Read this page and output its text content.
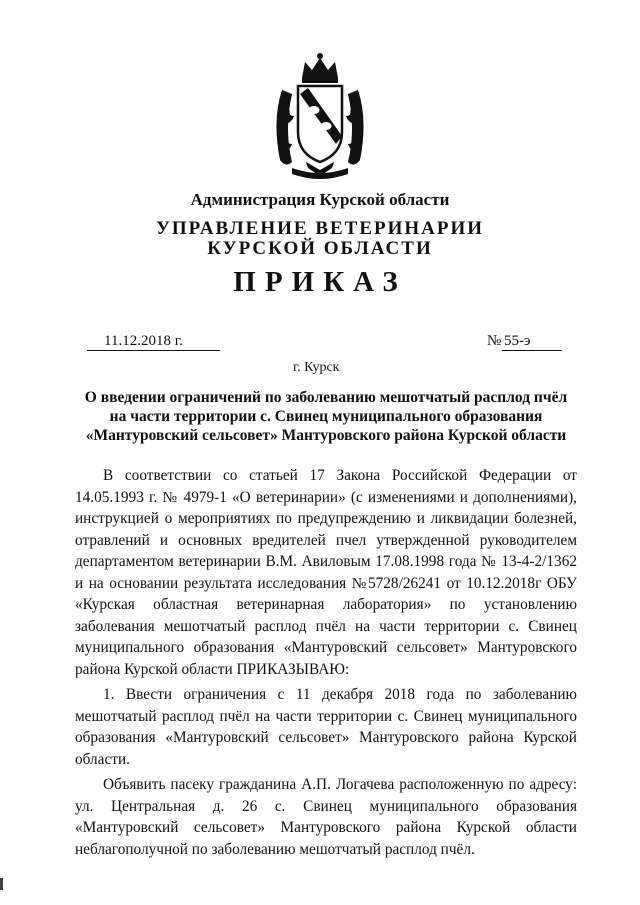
Администрация Курской области
УПРАВЛЕНИЕ ВЕТЕРИНАРИИ
КУРСКОЙ ОБЛАСТИ
ПРИКАЗ
11.12.2018 г.	№ 55-э
г. Курск
О введении ограничений по заболеванию мешотчатый расплод пчёл на части территории с. Свинец муниципального образования «Мантуровский сельсовет» Мантуровского района Курской области

В соответствии со статьей 17 Закона Российской Федерации от 14.05.1993 г. № 4979-1 «О ветеринарии» (с изменениями и дополнениями), инструкцией о мероприятиях по предупреждению и ликвидации болезней, отравлений и основных вредителей пчел утвержденной руководителем департаментом ветеринарии В.М. Авиловым 17.08.1998 года № 13-4-2/1362 и на основании результата исследования №5728/26241 от 10.12.2018г ОБУ «Курская областная ветеринарная лаборатория» по установлению заболевания мешотчатый расплод пчёл на части территории с. Свинец муниципального образования «Мантуровский сельсовет» Мантуровского района Курской области ПРИКАЗЫВАЮ:

1. Ввести ограничения с 11 декабря 2018 года по заболеванию мешотчатый расплод пчёл на части территории с. Свинец муниципального образования «Мантуровский сельсовет» Мантуровского района Курской области.

Объявить пасеку гражданина А.П. Логачева расположенную по адресу: ул. Центральная д. 26 с. Свинец муниципального образования «Мантуровский сельсовет» Мантуровского района Курской области неблагополучной по заболеванию мешотчатый расплод пчёл.
